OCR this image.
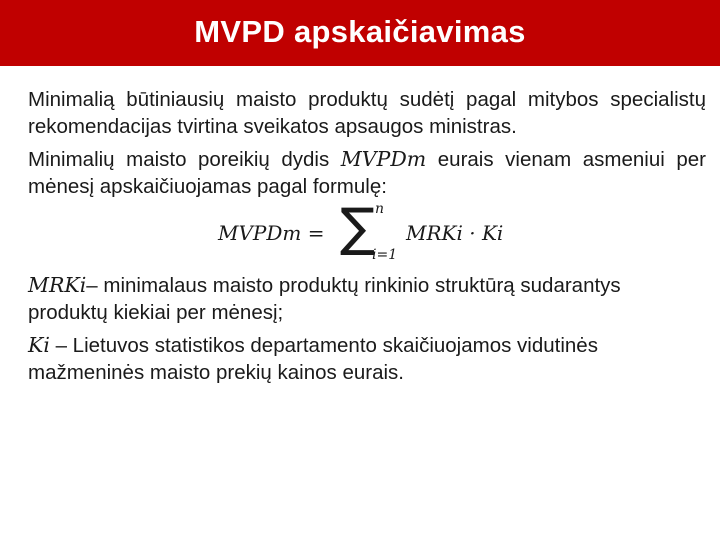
MVPD apskaičiavimas

Minimalią būtiniausių maisto produktų sudėtį pagal mitybos specialistų rekomendacijas tvirtina sveikatos apsaugos ministras.

Minimalių maisto poreikių dydis MVPDm eurais vienam asmeniui per mėnesį apskaičiuojamas pagal formulę:

MVPDm = ∑ n
i=1
MRKi · Ki

MRKi– minimalaus maisto produktų rinkinio struktūrą sudarantys produktų kiekiai per mėnesį;

Ki – Lietuvos statistikos departamento skaičiuojamos vidutinės mažmeninės maisto prekių kainos eurais.
